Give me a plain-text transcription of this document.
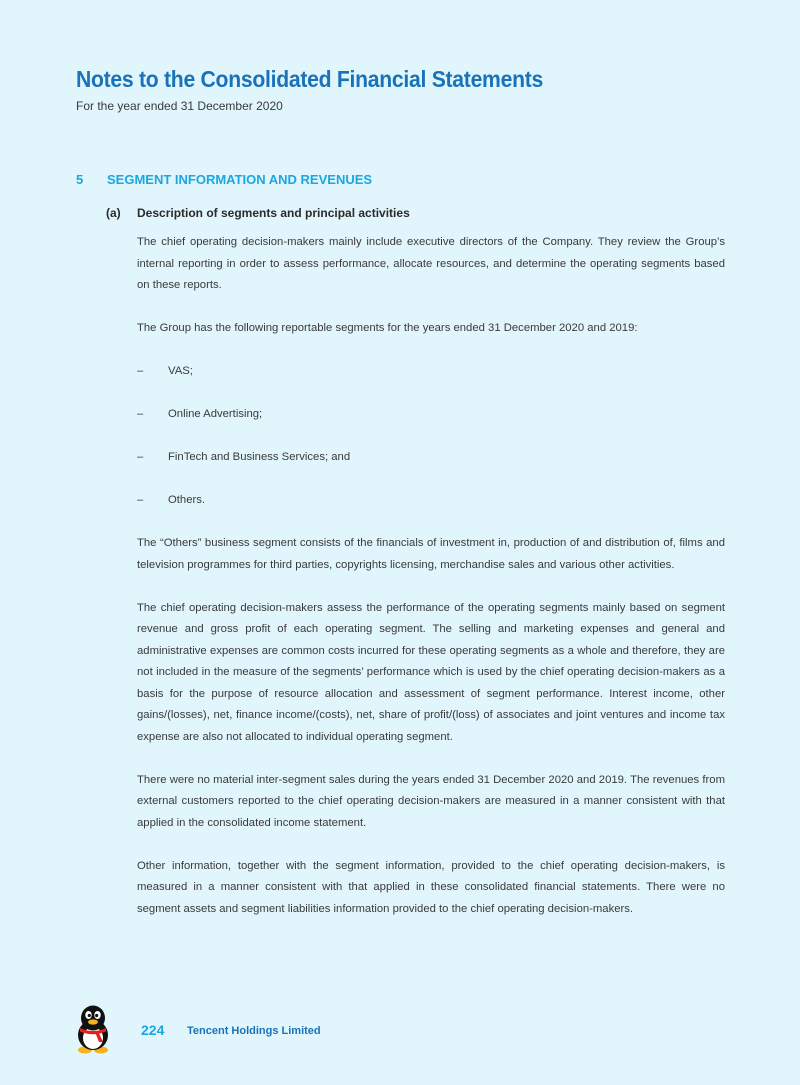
Notes to the Consolidated Financial Statements
For the year ended 31 December 2020
5 SEGMENT INFORMATION AND REVENUES
(a) Description of segments and principal activities

The chief operating decision-makers mainly include executive directors of the Company. They review the Group’s internal reporting in order to assess performance, allocate resources, and determine the operating segments based on these reports.

The Group has the following reportable segments for the years ended 31 December 2020 and 2019:

–	VAS;
–	Online Advertising;
–	FinTech and Business Services; and
–	Others.

The “Others” business segment consists of the financials of investment in, production of and distribution of, films and television programmes for third parties, copyrights licensing, merchandise sales and various other activities.

The chief operating decision-makers assess the performance of the operating segments mainly based on segment revenue and gross profit of each operating segment. The selling and marketing expenses and general and administrative expenses are common costs incurred for these operating segments as a whole and therefore, they are not included in the measure of the segments’ performance which is used by the chief operating decision-makers as a basis for the purpose of resource allocation and assessment of segment performance. Interest income, other gains/(losses), net, finance income/(costs), net, share of profit/(loss) of associates and joint ventures and income tax expense are also not allocated to individual operating segment.

There were no material inter-segment sales during the years ended 31 December 2020 and 2019. The revenues from external customers reported to the chief operating decision-makers are measured in a manner consistent with that applied in the consolidated income statement.

Other information, together with the segment information, provided to the chief operating decision-makers, is measured in a manner consistent with that applied in these consolidated financial statements. There were no segment assets and segment liabilities information provided to the chief operating decision-makers.

224 Tencent Holdings Limited
